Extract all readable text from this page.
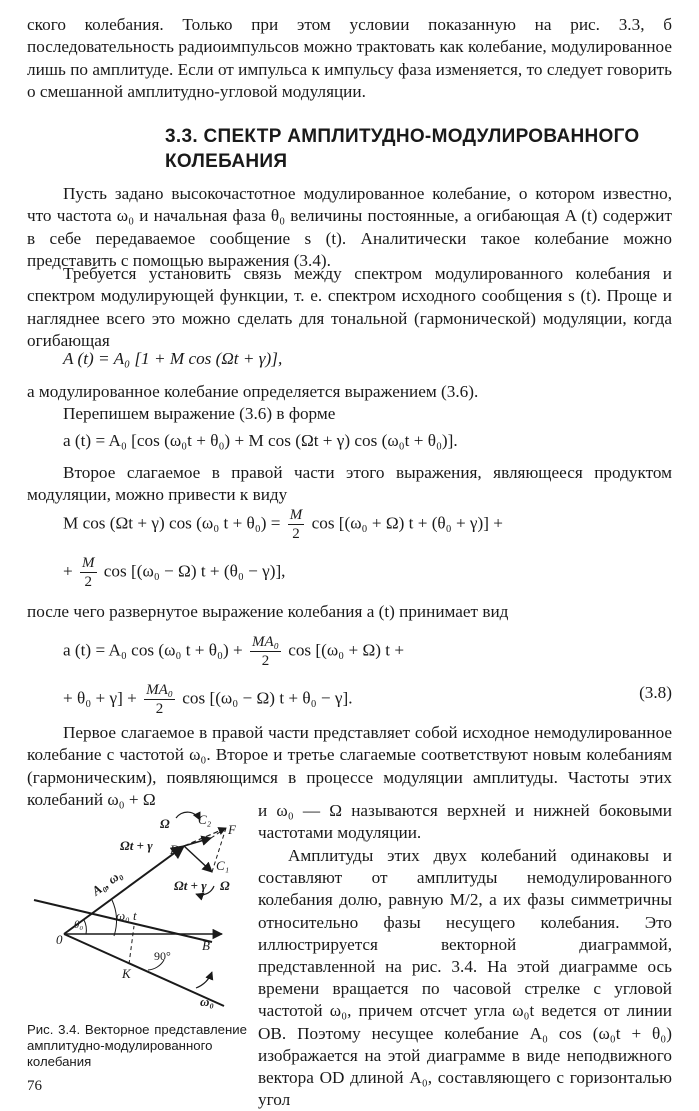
ского колебания. Только при этом условии показанную на рис. 3.3, б последовательность радиоимпульсов можно трактовать как колебание, модулированное лишь по амплитуде. Если от импульса к импульсу фаза изменяется, то следует говорить о смешанной амплитудно-угловой модуляции.

3.3. СПЕКТР АМПЛИТУДНО-МОДУЛИРОВАННОГО
КОЛЕБАНИЯ

Пусть задано высокочастотное модулированное колебание, о котором известно, что частота ω₀ и начальная фаза θ₀ величины постоянные, а огибающая A (t) содержит в себе передаваемое сообщение s (t). Аналитически такое колебание можно представить с помощью выражения (3.4).

Требуется установить связь между спектром модулированного колебания и спектром модулирующей функции, т. е. спектром исходного сообщения s (t). Проще и нагляднее всего это можно сделать для тональной (гармонической) модуляции, когда огибающая

A (t) = A₀ [1 + M cos (Ωt + γ)],

а модулированное колебание определяется выражением (3.6).

Перепишем выражение (3.6) в форме

a (t) = A₀ [cos (ω₀t + θ₀) + M cos (Ωt + γ) cos (ω₀t + θ₀)].

Второе слагаемое в правой части этого выражения, являющееся продуктом модуляции, можно привести к виду

M cos (Ωt + γ) cos (ω₀ $t + \theta_0) = \frac{M}{2}$ cos [(ω₀ + Ω) t + (θ₀ + γ)] +
+ $\frac{M}{2}$ cos [(ω₀ − Ω) t + (θ₀ − γ)],

после чего развернутое выражение колебания a (t) принимает вид

a (t) = A₀ cos (ω₀ $t + \theta_0) + \frac{\text{MA₀}}{2}$ cos [(ω₀ + Ω) t +
+ $\theta_0 + \gamma] + \frac{\text{MA₀}}{2}$ cos [(ω₀ − Ω) t + θ₀ − γ].	(3.8)

Первое слагаемое в правой части представляет собой исходное немодулированное колебание с частотой ω₀. Второе и третье слагаемые соответствуют новым колебаниям (гармоническим), появляющимся в процессе модуляции амплитуды. Частоты этих колебаний ω₀ + Ω

и ω₀ — Ω называются верхней и нижней боковыми частотами модуляции.

Амплитуды этих двух колебаний одинаковы и составляют от амплитуды немодулированного колебания долю, равную M/2, а их фазы симметричны относительно фазы несущего колебания. Это иллюстрируется векторной диаграммой, представленной на рис. 3.4. На этой диаграмме ось времени вращается по часовой стрелке с угловой частотой ω₀, причем отсчет угла ω₀t ведется от линии OB. Поэтому несущее колебание A₀ cos (ω₀t + θ₀) изображается на этой диаграмме в виде неподвижного вектора OD длиной A₀, составляющего с горизонталью угол

0	B
K
D
F
C₁
C₂
A₀, ω₀
θ₀
ω₀ t
90°
ω₀
Ωt + γ
Ωt + γ
Ω
Ω

Рис. 3.4. Векторное представление амплитудно-модулированного колебания

76
